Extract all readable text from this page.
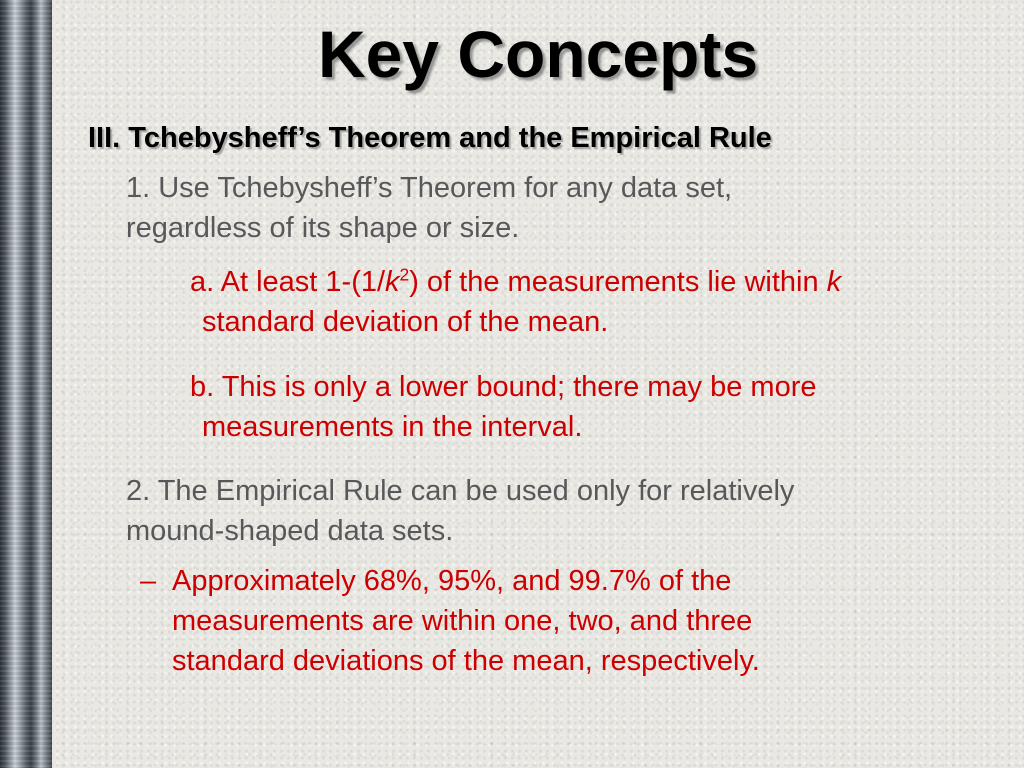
Key Concepts
III. Tchebysheff’s Theorem and the Empirical Rule
1. Use Tchebysheff’s Theorem for any data set,
regardless of its shape or size.
a. At least $1-(1/k^2)$ of the measurements lie within k
standard deviation of the mean.
b. This is only a lower bound; there may be more
measurements in the interval.
2. The Empirical Rule can be used only for relatively
mound-shaped data sets.
– Approximately 68%, 95%, and 99.7% of the
measurements are within one, two, and three
standard deviations of the mean, respectively.
